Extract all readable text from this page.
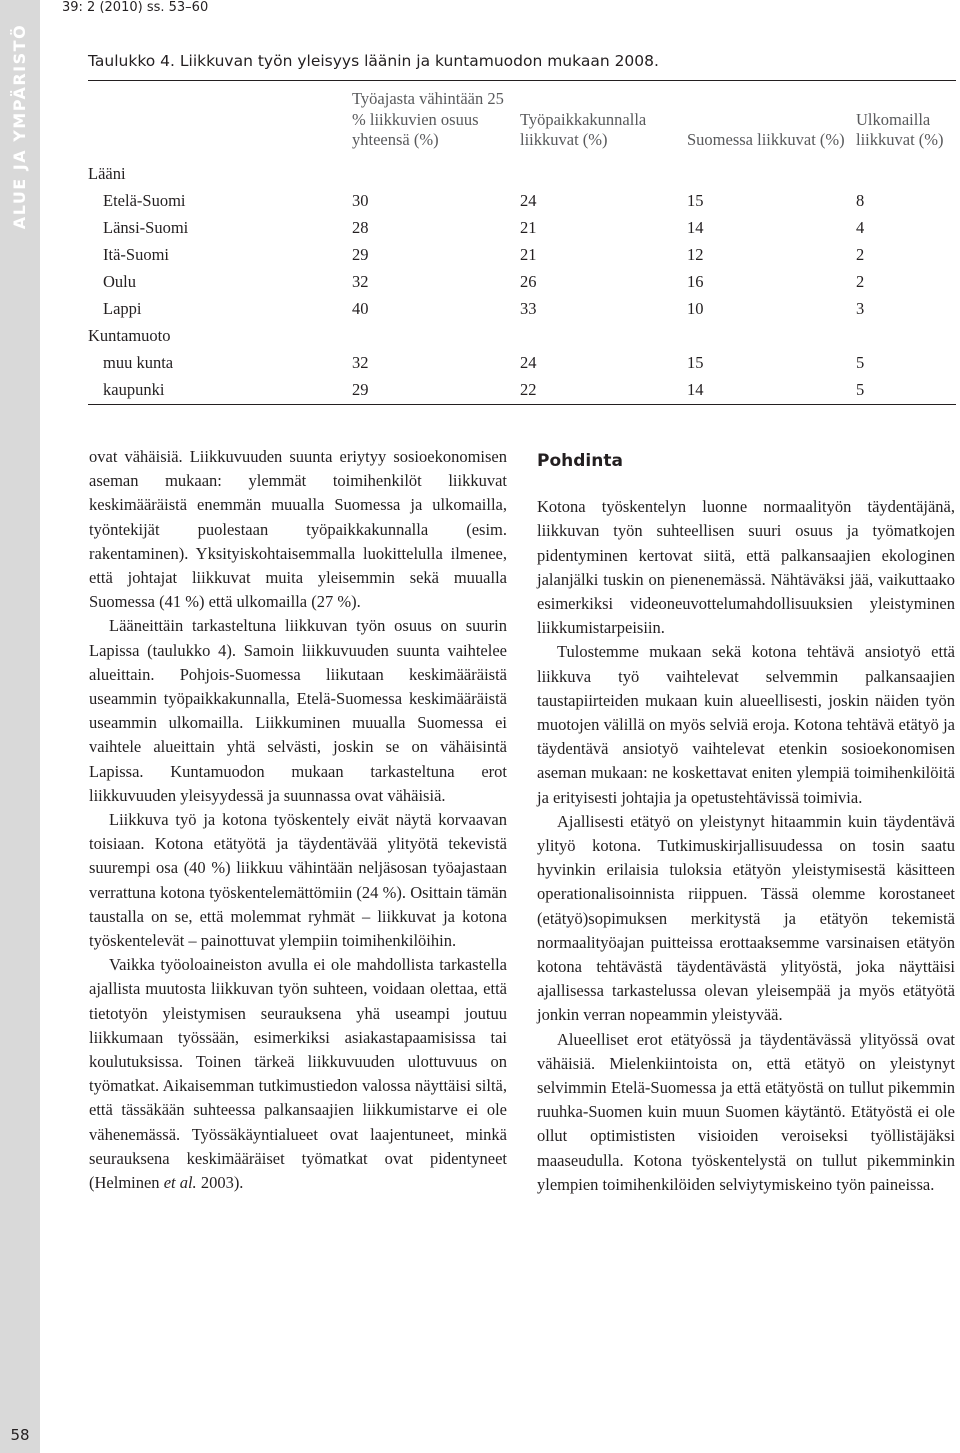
ALUE JA YMPÄRISTÖ
58
39: 2 (2010) ss. 53–60
Taulukko 4. Liikkuvan työn yleisyys läänin ja kuntamuodon mukaan 2008.
	Työajasta vähintään 25 % liikkuvien osuus yhteensä (%)	Työpaikkakunnalla liikkuvat (%)	Suomessa liikkuvat (%)	Ulkomailla liikkuvat (%)
Lääni				
Etelä-Suomi	30	24	15	8
Länsi-Suomi	28	21	14	4
Itä-Suomi	29	21	12	2
Oulu	32	26	16	2
Lappi	40	33	10	3
Kuntamuoto				
muu kunta	32	24	15	5
kaupunki	29	22	14	5

ovat vähäisiä. Liikkuvuuden suunta eriytyy sosioekonomisen aseman mukaan: ylemmät toimihenkilöt liikkuvat keskimääräistä enemmän muualla Suomessa ja ulkomailla, työntekijät puolestaan työpaikkakunnalla (esim. rakentaminen). Yksityiskohtaisemmalla luokittelulla ilmenee, että johtajat liikkuvat muita yleisemmin sekä muualla Suomessa (41 %) että ulkomailla (27 %).

Lääneittäin tarkasteltuna liikkuvan työn osuus on suurin Lapissa (taulukko 4). Samoin liikkuvuuden suunta vaihtelee alueittain. Pohjois-Suomessa liikutaan keskimääräistä useammin työpaikkakunnalla, Etelä-Suomessa keskimääräistä useammin ulkomailla. Liikkuminen muualla Suomessa ei vaihtele alueittain yhtä selvästi, joskin se on vähäisintä Lapissa. Kuntamuodon mukaan tarkasteltuna erot liikkuvuuden yleisyydessä ja suunnassa ovat vähäisiä.

Liikkuva työ ja kotona työskentely eivät näytä korvaavan toisiaan. Kotona etätyötä ja täydentävää ylityötä tekevistä suurempi osa (40 %) liikkuu vähintään neljäsosan työajastaan verrattuna kotona työskentelemättömiin (24 %). Osittain tämän taustalla on se, että molemmat ryhmät – liikkuvat ja kotona työskentelevät – painottuvat ylempiin toimihenkilöihin.

Vaikka työoloaineiston avulla ei ole mahdollista tarkastella ajallista muutosta liikkuvan työn suhteen, voidaan olettaa, että tietotyön yleistymisen seurauksena yhä useampi joutuu liikkumaan työssään, esimerkiksi asiakastapaamisissa tai koulutuksissa. Toinen tärkeä liikkuvuuden ulottuvuus on työmatkat. Aikaisemman tutkimustiedon valossa näyttäisi siltä, että tässäkään suhteessa palkansaajien liikkumistarve ei ole vähenemässä. Työssäkäyntialueet ovat laajentuneet, minkä seurauksena keskimääräiset työmatkat ovat pidentyneet (Helminen et al. 2003).

Pohdinta

Kotona työskentelyn luonne normaalityön täydentäjänä, liikkuvan työn suhteellisen suuri osuus ja työmatkojen pidentyminen kertovat siitä, että palkansaajien ekologinen jalanjälki tuskin on pienenemässä. Nähtäväksi jää, vaikuttaako esimerkiksi videoneuvottelumahdollisuuksien yleistyminen liikkumistarpeisiin.

Tulostemme mukaan sekä kotona tehtävä ansiotyö että liikkuva työ vaihtelevat selvemmin palkansaajien taustapiirteiden mukaan kuin alueellisesti, joskin näiden työn muotojen välillä on myös selviä eroja. Kotona tehtävä etätyö ja täydentävä ansiotyö vaihtelevat etenkin sosioekonomisen aseman mukaan: ne koskettavat eniten ylempiä toimihenkilöitä ja erityisesti johtajia ja opetustehtävissä toimivia.

Ajallisesti etätyö on yleistynyt hitaammin kuin täydentävä ylityö kotona. Tutkimuskirjallisuudessa on tosin saatu hyvinkin erilaisia tuloksia etätyön yleistymisestä käsitteen operationalisoinnista riippuen. Tässä olemme korostaneet (etätyö)sopimuksen merkitystä ja etätyön tekemistä normaalityöajan puitteissa erottaaksemme varsinaisen etätyön kotona tehtävästä täydentävästä ylityöstä, joka näyttäisi ajallisessa tarkastelussa olevan yleisempää ja myös etätyötä jonkin verran nopeammin yleistyvää.

Alueelliset erot etätyössä ja täydentävässä ylityössä ovat vähäisiä. Mielenkiintoista on, että etätyö on yleistynyt selvimmin Etelä-Suomessa ja että etätyöstä on tullut pikemmin ruuhka-Suomen kuin muun Suomen käytäntö. Etätyöstä ei ole ollut optimististen visioiden veroiseksi työllistäjäksi maaseudulla. Kotona työskentelystä on tullut pikemminkin ylempien toimihenkilöiden selviytymiskeino työn paineissa.
